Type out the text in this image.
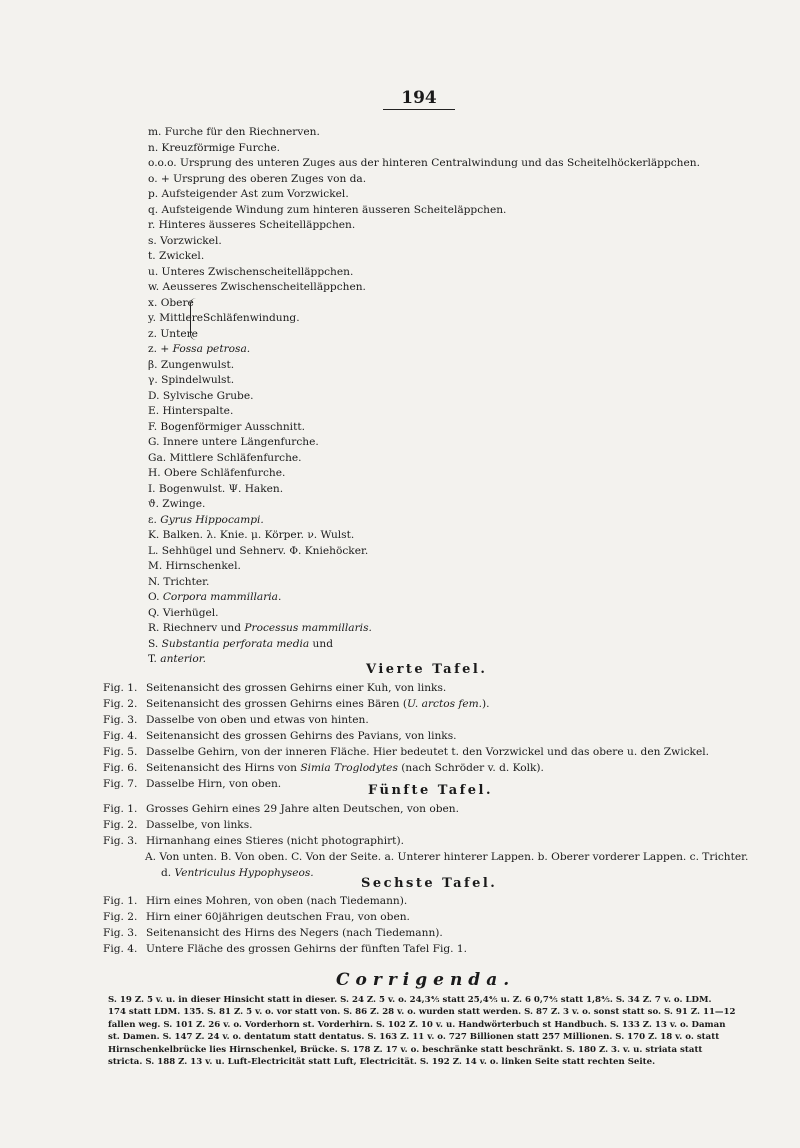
194
m. Furche für den Riechnerven.
n. Kreuzförmige Furche.
o.o.o. Ursprung des unteren Zuges aus der hinteren Centralwindung und das Scheitelhöckerläppchen.
o. + Ursprung des oberen Zuges von da.
p. Aufsteigender Ast zum Vorzwickel.
q. Aufsteigende Windung zum hinteren äusseren Scheiteläppchen.
r. Hinteres äusseres Scheitelläppchen.
s. Vorzwickel.
t. Zwickel.
u. Unteres Zwischenscheitelläppchen.
w. Aeusseres Zwischenscheitelläppchen.
x. Obere
y. Mittlere
z. Untere
Schläfenwindung.
z. + Fossa petrosa.
β. Zungenwulst.
γ. Spindelwulst.
D. Sylvische Grube.
E. Hinterspalte.
F. Bogenförmiger Ausschnitt.
G. Innere untere Längenfurche.
Ga. Mittlere Schläfenfurche.
H. Obere Schläfenfurche.
I. Bogenwulst. Ψ. Haken.
ϑ. Zwinge.
ε. Gyrus Hippocampi.
K. Balken. λ. Knie. μ. Körper. ν. Wulst.
L. Sehhügel und Sehnerv. Φ. Kniehöcker.
M. Hirnschenkel.
N. Trichter.
O. Corpora mammillaria.
Q. Vierhügel.
R. Riechnerv und Processus mammillaris.
S. Substantia perforata media und
T. anterior.
Vierte Tafel.
Fig. 1. Seitenansicht des grossen Gehirns einer Kuh, von links.
Fig. 2. Seitenansicht des grossen Gehirns eines Bären (U. arctos fem.).
Fig. 3. Dasselbe von oben und etwas von hinten.
Fig. 4. Seitenansicht des grossen Gehirns des Pavians, von links.
Fig. 5. Dasselbe Gehirn, von der inneren Fläche. Hier bedeutet t. den Vorzwickel und das obere u. den Zwickel.
Fig. 6. Seitenansicht des Hirns von Simia Troglodytes (nach Schröder v. d. Kolk).
Fig. 7. Dasselbe Hirn, von oben.	Fünfte Tafel.
Fig. 1. Grosses Gehirn eines 29 Jahre alten Deutschen, von oben.
Fig. 2. Dasselbe, von links.
Fig. 3. Hirnanhang eines Stieres (nicht photographirt).
A. Von unten. B. Von oben. C. Von der Seite. a. Unterer hinterer Lappen. b. Oberer vorderer Lappen. c. Trichter.
d. Ventriculus Hypophyseos.
Sechste Tafel.
Fig. 1. Hirn eines Mohren, von oben (nach Tiedemann).
Fig. 2. Hirn einer 60jährigen deutschen Frau, von oben.
Fig. 3. Seitenansicht des Hirns des Negers (nach Tiedemann).
Fig. 4. Untere Fläche des grossen Gehirns der fünften Tafel Fig. 1.
Corrigenda.
S. 19 Z. 5 v. u. in dieser Hinsicht statt in dieser. S. 24 Z. 5 v. o. 24,3⅘ statt 25,4⅘ u. Z. 6 0,7⅘ statt 1,8⅘. S. 34 Z. 7 v. o. LDM.
174 statt LDM. 135. S. 81 Z. 5 v. o. vor statt von. S. 86 Z. 28 v. o. wurden statt werden. S. 87 Z. 3 v. o. sonst statt so. S. 91 Z. 11—12
fallen weg. S. 101 Z. 26 v. o. Vorderhorn st. Vorderhirn. S. 102 Z. 10 v. u. Handwörterbuch st Handbuch. S. 133 Z. 13 v. o. Daman
st. Damen. S. 147 Z. 24 v. o. dentatum statt dentatus. S. 163 Z. 11 v. o. 727 Billionen statt 257 Millionen. S. 170 Z. 18 v. o. statt
Hirnschenkelbrücke lies Hirnschenkel, Brücke. S. 178 Z. 17 v. o. beschränke statt beschränkt. S. 180 Z. 3. v. u. striata statt
stricta. S. 188 Z. 13 v. u. Luft-Electricität statt Luft, Electricität. S. 192 Z. 14 v. o. linken Seite statt rechten Seite.
